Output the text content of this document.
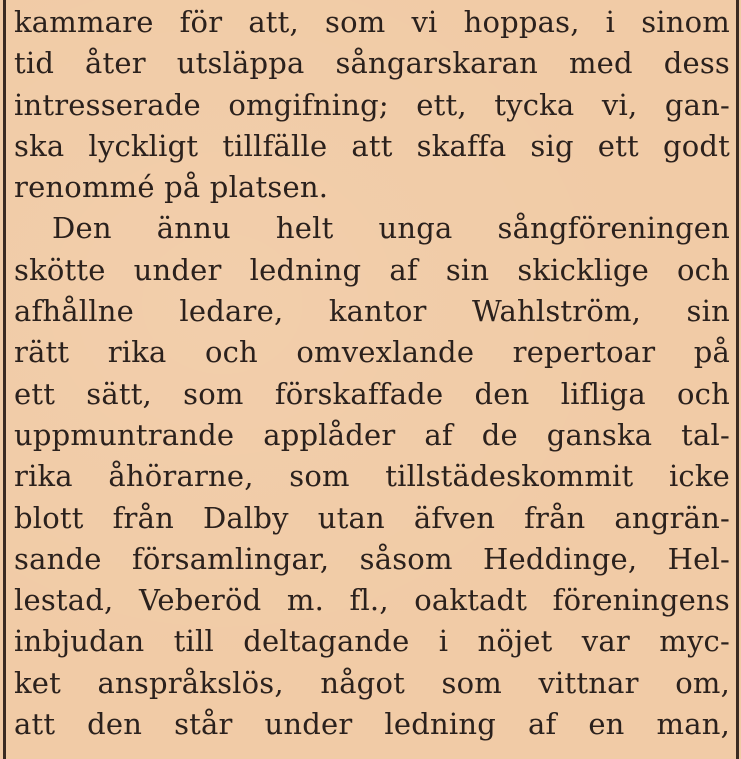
kammare för att, som vi hoppas, i sinom
tid åter utsläppa sångarskaran med dess
intresserade omgifning; ett, tycka vi, gan-
ska lyckligt tillfälle att skaffa sig ett godt
renommé på platsen.
Den ännu helt unga sångföreningen
skötte under ledning af sin skicklige och
afhållne ledare, kantor Wahlström, sin
rätt rika och omvexlande repertoar på
ett sätt, som förskaffade den lifliga och
uppmuntrande applåder af de ganska tal-
rika åhörarne, som tillstädeskommit icke
blott från Dalby utan äfven från angrän-
sande församlingar, såsom Heddinge, Hel-
lestad, Veberöd m. fl., oaktadt föreningens
inbjudan till deltagande i nöjet var myc-
ket anspråkslös, något som vittnar om,
att den står under ledning af en man,
